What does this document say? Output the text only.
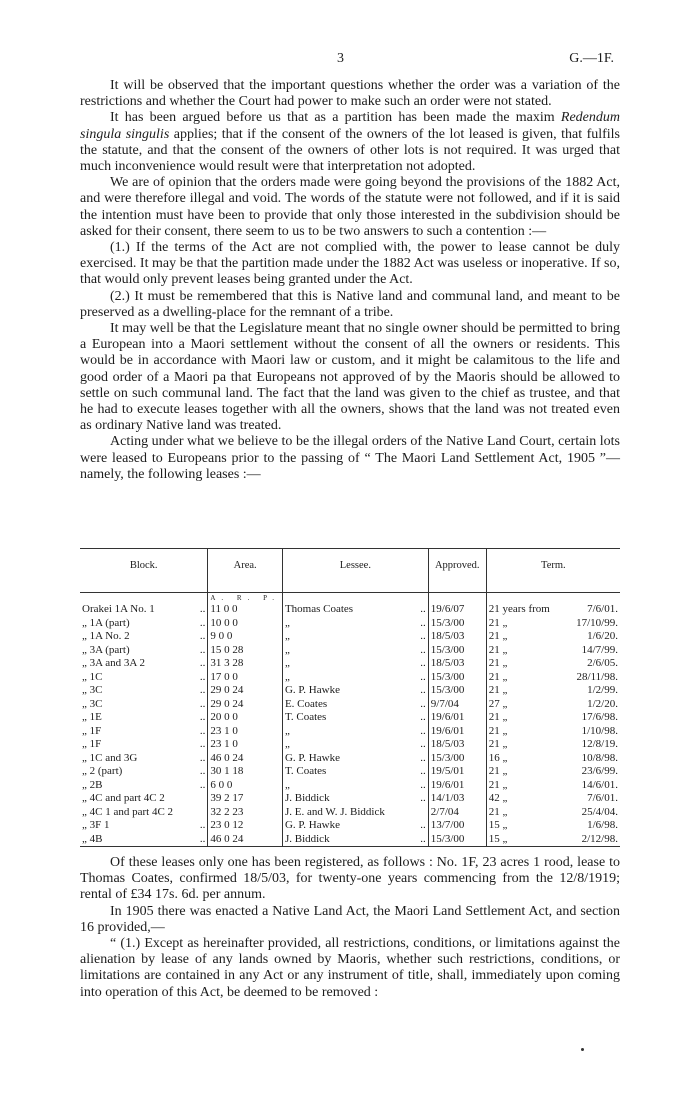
3	G.—1F.

It will be observed that the important questions whether the order was a variation of the restrictions and whether the Court had power to make such an order were not stated.

It has been argued before us that as a partition has been made the maxim Redendum singula singulis applies; that if the consent of the owners of the lot leased is given, that fulfils the statute, and that the consent of the owners of other lots is not required. It was urged that much inconvenience would result were that interpretation not adopted.

We are of opinion that the orders made were going beyond the provisions of the 1882 Act, and were therefore illegal and void. The words of the statute were not followed, and if it is said the intention must have been to provide that only those interested in the subdivision should be asked for their consent, there seem to us to be two answers to such a contention :—

(1.) If the terms of the Act are not complied with, the power to lease cannot be duly exercised. It may be that the partition made under the 1882 Act was useless or inoperative. If so, that would only prevent leases being granted under the Act.

(2.) It must be remembered that this is Native land and communal land, and meant to be preserved as a dwelling-place for the remnant of a tribe.

It may well be that the Legislature meant that no single owner should be permitted to bring a European into a Maori settlement without the consent of all the owners or residents. This would be in accordance with Maori law or custom, and it might be calamitous to the life and good order of a Maori pa that Europeans not approved of by the Maoris should be allowed to settle on such communal land. The fact that the land was given to the chief as trustee, and that he had to execute leases together with all the owners, shows that the land was not treated even as ordinary Native land was treated.

Acting under what we believe to be the illegal orders of the Native Land Court, certain lots were leased to Europeans prior to the passing of “ The Maori Land Settlement Act, 1905 ”—namely, the following leases :—

Block.	Area.	Lessee.	Approved.	Term.
	A. R. P.			
Orakei 1A No. 1 ..	11 0 0	Thomas Coates ..	19/6/07	21 years from 7/6/01.

„ 1A (part) ..	10 0 0	„ ..	15/3/00	21 „ 17/10/99.

„ 1A No. 2 ..	9 0 0	„ ..	18/5/03	21 „ 1/6/20.

„ 3A (part) ..	15 0 28	„ ..	15/3/00	21 „ 14/7/99.

„ 3A and 3A 2 ..	31 3 28	„ ..	18/5/03	21 „ 2/6/05.

„ 1C ..	17 0 0	„ ..	15/3/00	21 „ 28/11/98.

„ 3C ..	29 0 24	G. P. Hawke ..	15/3/00	21 „ 1/2/99.

„ 3C ..	29 0 24	E. Coates ..	9/7/04	27 „ 1/2/20.

„ 1E ..	20 0 0	T. Coates ..	19/6/01	21 „ 17/6/98.

„ 1F ..	23 1 0	„ ..	19/6/01	21 „ 1/10/98.

„ 1F ..	23 1 0	„ ..	18/5/03	21 „ 12/8/19.

„ 1C and 3G ..	46 0 24	G. P. Hawke ..	15/3/00	16 „ 10/8/98.

„ 2 (part) ..	30 1 18	T. Coates ..	19/5/01	21 „ 23/6/99.

„ 2B ..	6 0 0	„ ..	19/6/01	21 „ 14/6/01.

„ 4C and part 4C 2	39 2 17	J. Biddick ..	14/1/03	42 „ 7/6/01.

„ 4C 1 and part 4C 2	32 2 23	J. E. and W. J. Biddick	2/7/04	21 „ 25/4/04.

„ 3F 1 ..	23 0 12	G. P. Hawke ..	13/7/00	15 „ 1/6/98.

„ 4B ..	46 0 24	J. Biddick ..	15/3/00	15 „ 2/12/98.

Of these leases only one has been registered, as follows : No. 1F, 23 acres 1 rood, lease to Thomas Coates, confirmed 18/5/03, for twenty-one years commencing from the 12/8/1919; rental of £34 17s. 6d. per annum.

In 1905 there was enacted a Native Land Act, the Maori Land Settlement Act, and section 16 provided,—

“ (1.) Except as hereinafter provided, all restrictions, conditions, or limitations against the alienation by lease of any lands owned by Maoris, whether such restrictions, conditions, or limitations are contained in any Act or any instrument of title, shall, immediately upon coming into operation of this Act, be deemed to be removed :
